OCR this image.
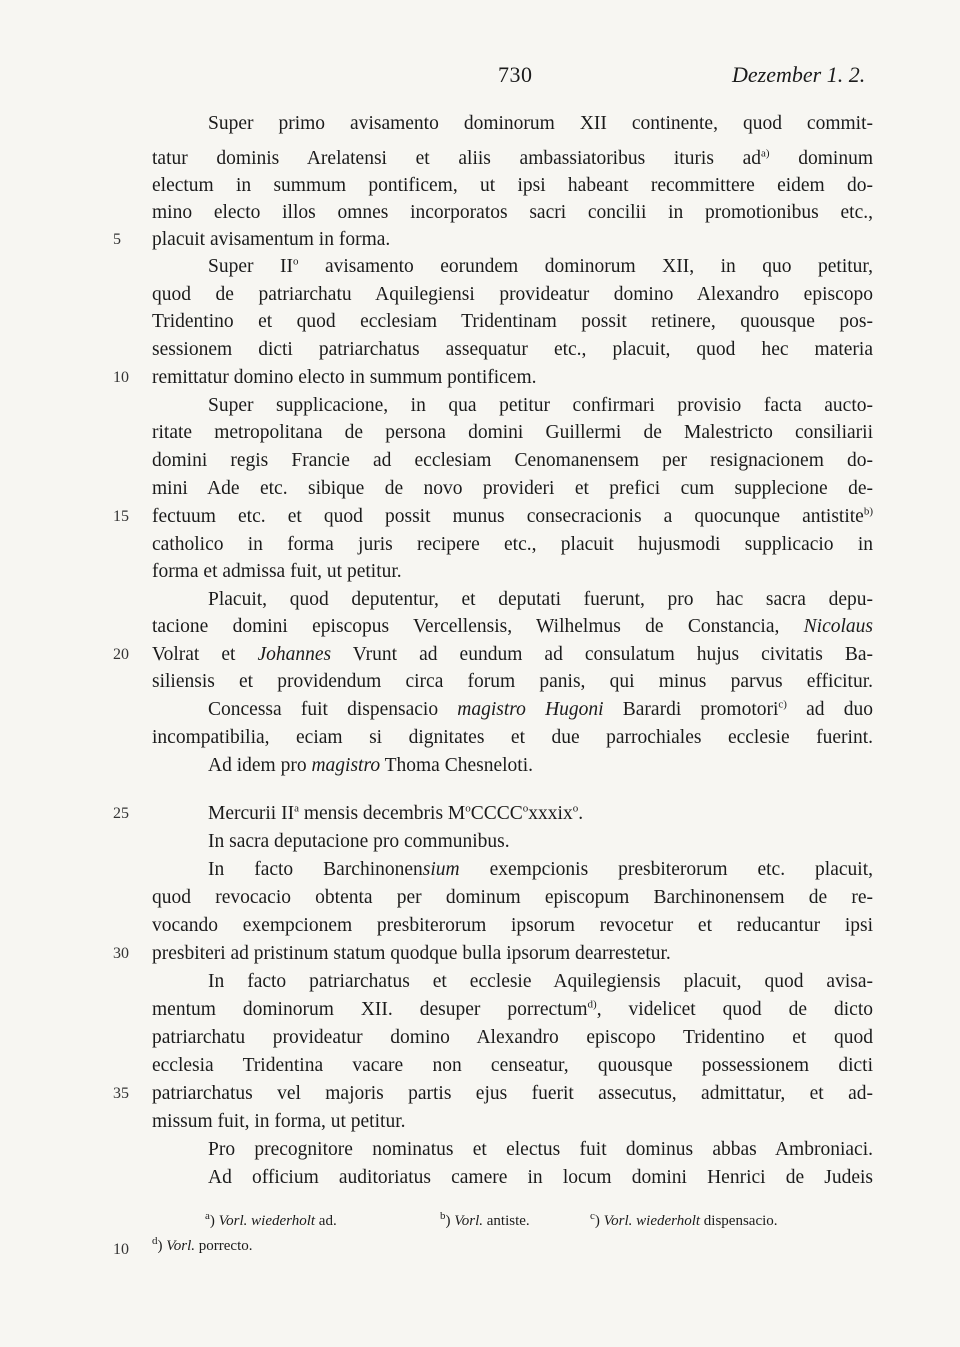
730	Dezember 1. 2.
Super primo avisamento dominorum XII continente, quod commit-
tatur dominis Arelatensi et aliis ambassiatoribus ituris $ad^{a)}$ dominum
electum in summum pontificem, ut ipsi habeant recommittere eidem do-
mino electo illos omnes incorporatos sacri concilii in promotionibus etc.,
placuit avisamentum in forma.
5
Super $II^o$ avisamento eorundem dominorum XII, in quo petitur,
quod de patriarchatu Aquilegiensi provideatur domino Alexandro episcopo
Tridentino et quod ecclesiam Tridentinam possit retinere, quousque pos-
sessionem dicti patriarchatus assequatur etc., placuit, quod hec materia
remittatur domino electo in summum pontificem.
10
Super supplicacione, in qua petitur confirmari provisio facta aucto-
ritate metropolitana de persona domini Guillermi de Malestricto consiliarii
domini regis Francie ad ecclesiam Cenomanensem per resignacionem do-
mini Ade etc. sibique de novo provideri et prefici cum supplecione de-
fectuum etc. et quod possit munus consecracionis a quocunque antistite$^{b)}$
15
catholico in forma juris recipere etc., placuit hujusmodi supplicacio in
forma et admissa fuit, ut petitur.
Placuit, quod deputentur, et deputati fuerunt, pro hac sacra depu-
tacione domini episcopus Vercellensis, Wilhelmus de Constancia, Nicolaus
Volrat et Johannes Vrunt ad eundum ad consulatum hujus civitatis Ba-
20
siliensis et providendum circa forum panis, qui minus parvus efficitur.
Concessa fuit dispensacio magistro Hugoni Barardi promotori$^{c)}$ ad duo
incompatibilia, eciam si dignitates et due parrochiales ecclesie fuerint.
Ad idem pro magistro Thoma Chesneloti.
Mercurii $II^a$ mensis decembris $M^oCCCC^oxxxix^o$.
25
In sacra deputacione pro communibus.
In facto Barchinonensium exempcionis presbiterorum etc. placuit,
quod revocacio obtenta per dominum episcopum Barchinonensem de re-
vocando exempcionem presbiterorum ipsorum revocetur et reducantur ipsi
presbiteri ad pristinum statum quodque bulla ipsorum dearrestetur.
30
In facto patriarchatus et ecclesie Aquilegiensis placuit, quod avisa-
mentum dominorum XII. desuper porrectum$^{d)}$, videlicet quod de dicto
patriarchatu provideatur domino Alexandro episcopo Tridentino et quod
ecclesia Tridentina vacare non censeatur, quousque possessionem dicti
patriarchatus vel majoris partis ejus fuerit assecutus, admittatur, et ad-
35
missum fuit, in forma, ut petitur.
Pro precognitore nominatus et electus fuit dominus abbas Ambroniaci.
Ad officium auditoriatus camere in locum domini Henrici de Judeis
$^a$) Vorl. wiederholt ad.	$^b$) Vorl. antiste.	$^c$) Vorl. wiederholt dispensacio.
$^d$) Vorl. porrecto.
10
